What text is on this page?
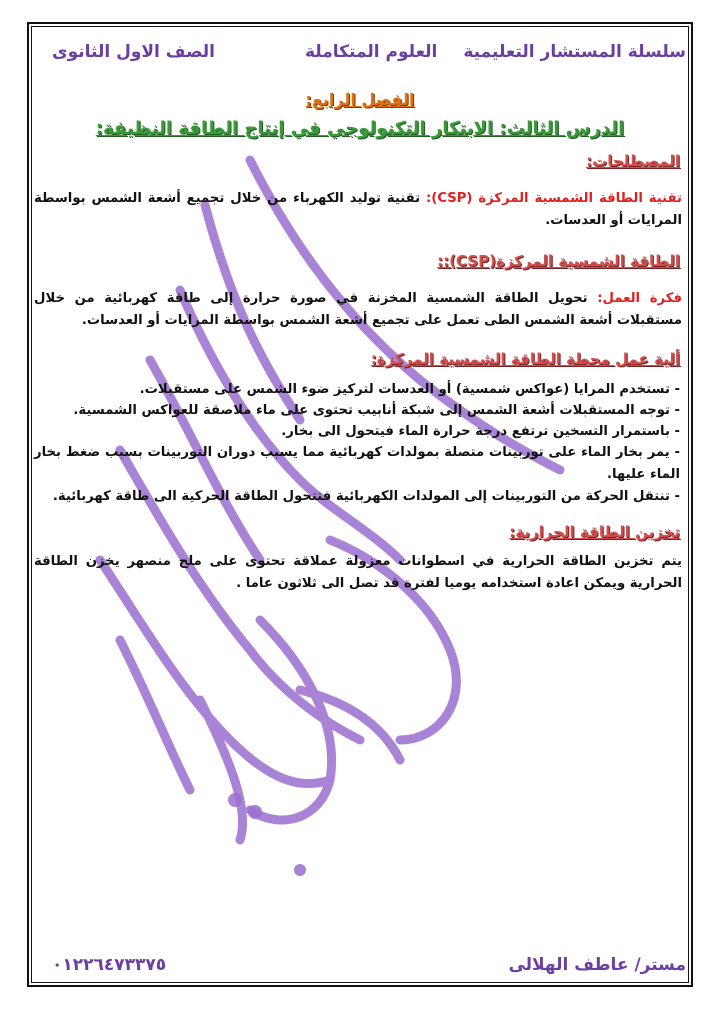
سلسلة المستشار التعليمية
العلوم المتكاملة
الصف الاول الثانوى
الفصل الرابع:
الدرس الثالث: الابتكار التكنولوجي في إنتاج الطاقة النظيفة:
المصطلحات:
تقنية الطاقة الشمسية المركزة (CSP): تقنية توليد الكهرباء من خلال تجميع أشعة الشمس بواسطة المرايات أو العدسات.
الطاقة الشمسية المركزة(CSP)::
فكرة العمل: تحويل الطاقة الشمسية المخزنة في صورة حرارة إلى طاقة كهربائية من خلال مستقبلات أشعة الشمس الطى تعمل على تجميع أشعة الشمس بواسطة المرايات أو العدسات.
ألية عمل محطة الطاقة الشمسية المركزة:
- تستخدم المرايا (عواكس شمسية) أو العدسات لتركيز ضوء الشمس على مستقبلات.
- توجه المستقبلات أشعة الشمس إلى شبكة أنابيب تحتوى على ماء ملاصقة للعواكس الشمسية.
- باستمرار التسخين ترتفع درجة حرارة الماء فيتحول الى بخار.
- يمر بخار الماء على توربينات متصلة بمولدات كهربائية مما يسبب دوران التوربينات بسبب ضغط بخار الماء عليها.
- تنتقل الحركة من التوربينات إلى المولدات الكهربائية فتتحول الطاقة الحركية الى طاقة كهربائية.
تخزين الطاقة الحرارية:
يتم تخزين الطاقة الحرارية في اسطوانات معزولة عملاقة تحتوى على ملح منصهر يخزن الطاقة الحرارية ويمكن اعادة استخدامه يوميا لفترة قد تصل الى ثلاثون عاما .
٠١٢٢٦٤٧٣٣٧٥	مستر/ عاطف الهلالى
